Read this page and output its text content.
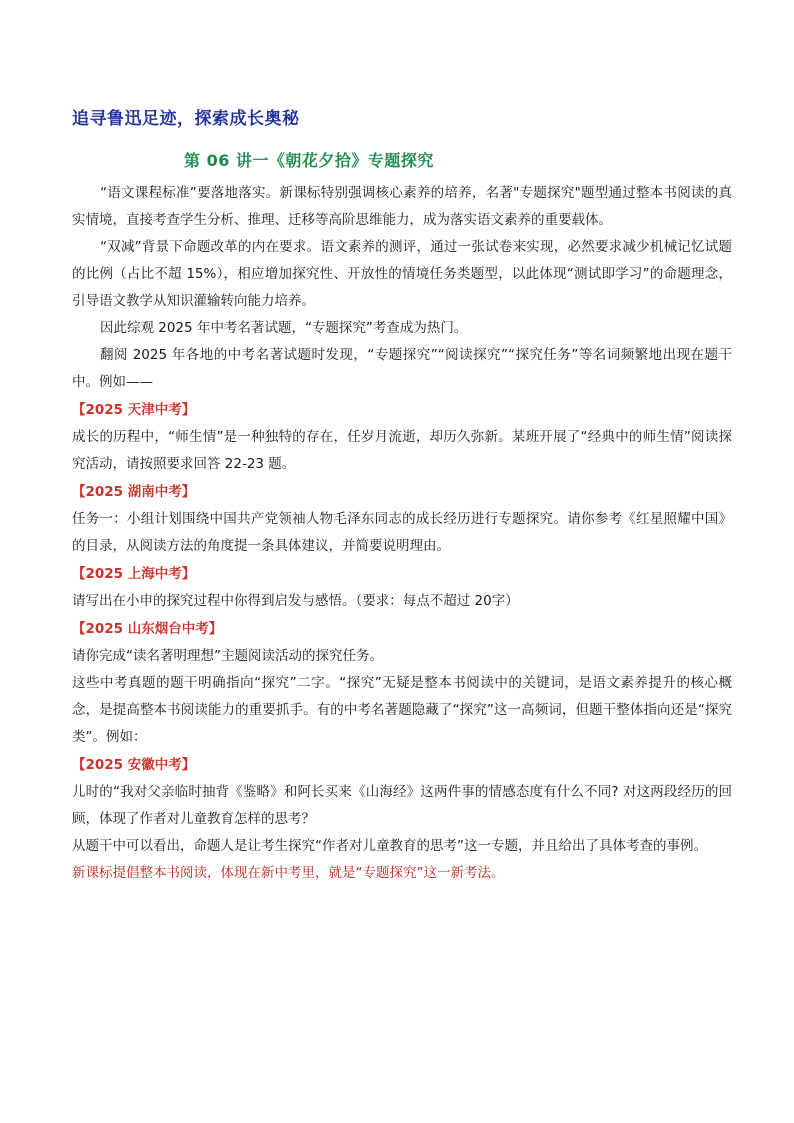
追寻鲁迅足迹，探索成长奥秘
第 06 讲一《朝花夕拾》专题探究

“语文课程标准”要落地落实。新课标特别强调核心素养的培养，名著"专题探究"题型通过整本书阅读的真实情境，直接考查学生分析、推理、迁移等高阶思维能力，成为落实语文素养的重要载体。

“双减”背景下命题改革的内在要求。语文素养的测评，通过一张试卷来实现，必然要求减少机械记忆试题的比例（占比不超 15%），相应增加探究性、开放性的情境任务类题型，以此体现“测试即学习”的命题理念，引导语文教学从知识灌输转向能力培养。

因此综观 2025 年中考名著试题，“专题探究”考查成为热门。

翻阅 2025 年各地的中考名著试题时发现，“专题探究”“阅读探究”“探究任务”等名词频繁地出现在题干中。例如——

【2025 天津中考】

成长的历程中，“师生情”是一种独特的存在，任岁月流逝，却历久弥新。某班开展了“经典中的师生情”阅读探究活动，请按照要求回答 22-23 题。

【2025 湖南中考】

任务一：小组计划围绕中国共产党领袖人物毛泽东同志的成长经历进行专题探究。请你参考《红星照耀中国》的目录，从阅读方法的角度提一条具体建议，并简要说明理由。

【2025 上海中考】

请写出在小申的探究过程中你得到启发与感悟。（要求：每点不超过 20字）

【2025 山东烟台中考】

请你完成“读名著明理想”主题阅读活动的探究任务。

这些中考真题的题干明确指向“探究”二字。“探究”无疑是整本书阅读中的关键词，是语文素养提升的核心概念，是提高整本书阅读能力的重要抓手。有的中考名著题隐藏了“探究”这一高频词，但题干整体指向还是“探究类”。例如：

【2025 安徽中考】

儿时的“我对父亲临时抽背《鉴略》和阿长买来《山海经》这两件事的情感态度有什么不同? 对这两段经历的回顾，体现了作者对儿童教育怎样的思考？

从题干中可以看出，命题人是让考生探究“作者对儿童教育的思考”这一专题，并且给出了具体考查的事例。

新课标提倡整本书阅读，体现在新中考里，就是“专题探究”这一新考法。
